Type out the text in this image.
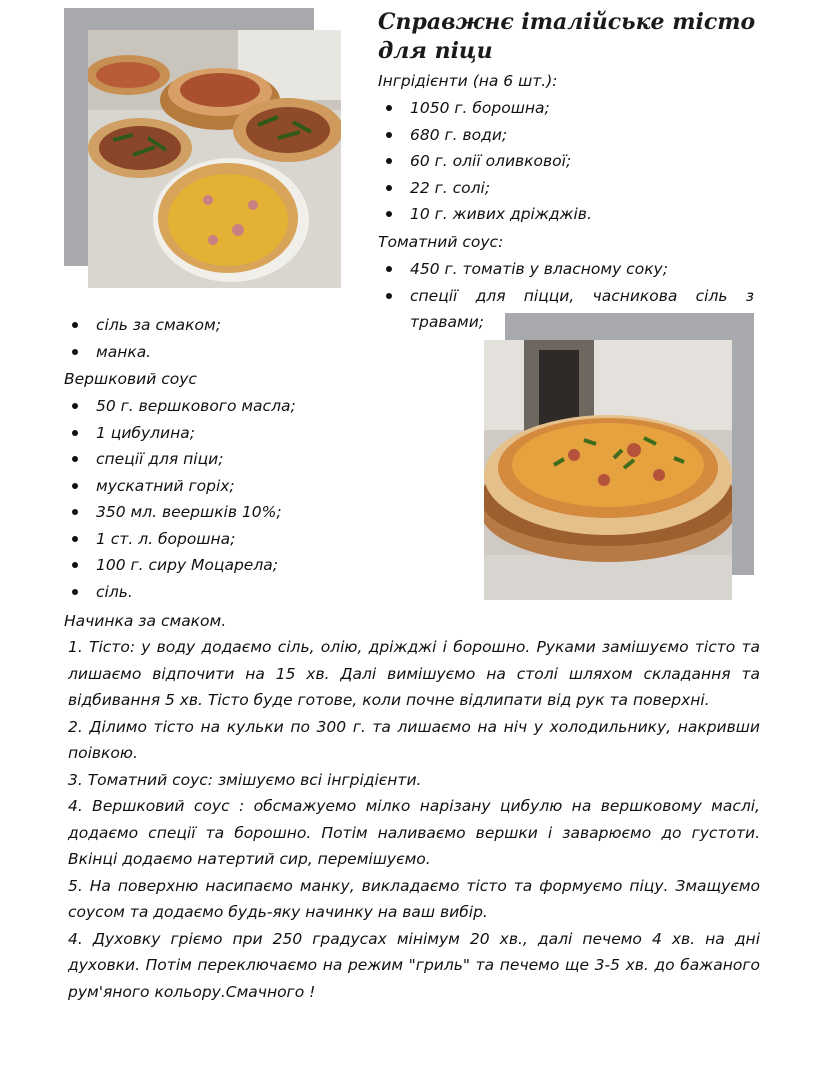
Справжнє італійське тісто для піци
Інгрідієнти (на 6 шт.):
1050 г. борошна;
680 г. води;
60 г. олії оливкової;
22 г. солі;
10 г. живих дріжджів.
Томатний соус:
450 г. томатів у власному соку;
спеції для піцци, часникова сіль з травами;
сіль за смаком;
манка.
Вершковий соус
50 г. вершкового масла;
1 цибулина;
спеції для піци;
мускатний горіх;
350 мл. веершків 10%;
1 ст. л. борошна;
100 г. сиру Моцарела;
сіль.
Начинка за смаком.
1. Тісто: у воду додаємо сіль, олію, дріжджі і борошно. Руками замішуємо тісто та лишаємо відпочити на 15 хв. Далі вимішуємо на столі шляхом складання та відбивання 5 хв. Тісто буде готове, коли почне відлипати від рук та поверхні.
2. Ділимо тісто на кульки по 300 г. та лишаємо на ніч у холодильнику, накривши поівкою.
3. Томатний соус: змішуємо всі інгрідієнти.
4. Вершковий соус : обсмажуемо мілко нарізану цибулю на вершковому маслі, додаємо спеції та борошно. Потім наливаємо вершки і заварюємо до густоти. Вкінці додаємо натертий сир, перемішуємо.
5. На поверхню насипаємо манку, викладаємо тісто та формуємо піцу. Змащуємо соусом та додаємо будь-яку начинку на ваш вибір.
4. Духовку гріємо при 250 градусах мінімум 20 хв., далі печемо 4 хв. на дні духовки. Потім переключаємо на режим "гриль" та печемо ще 3-5 хв. до бажаного рум'яного кольору.Смачного !
